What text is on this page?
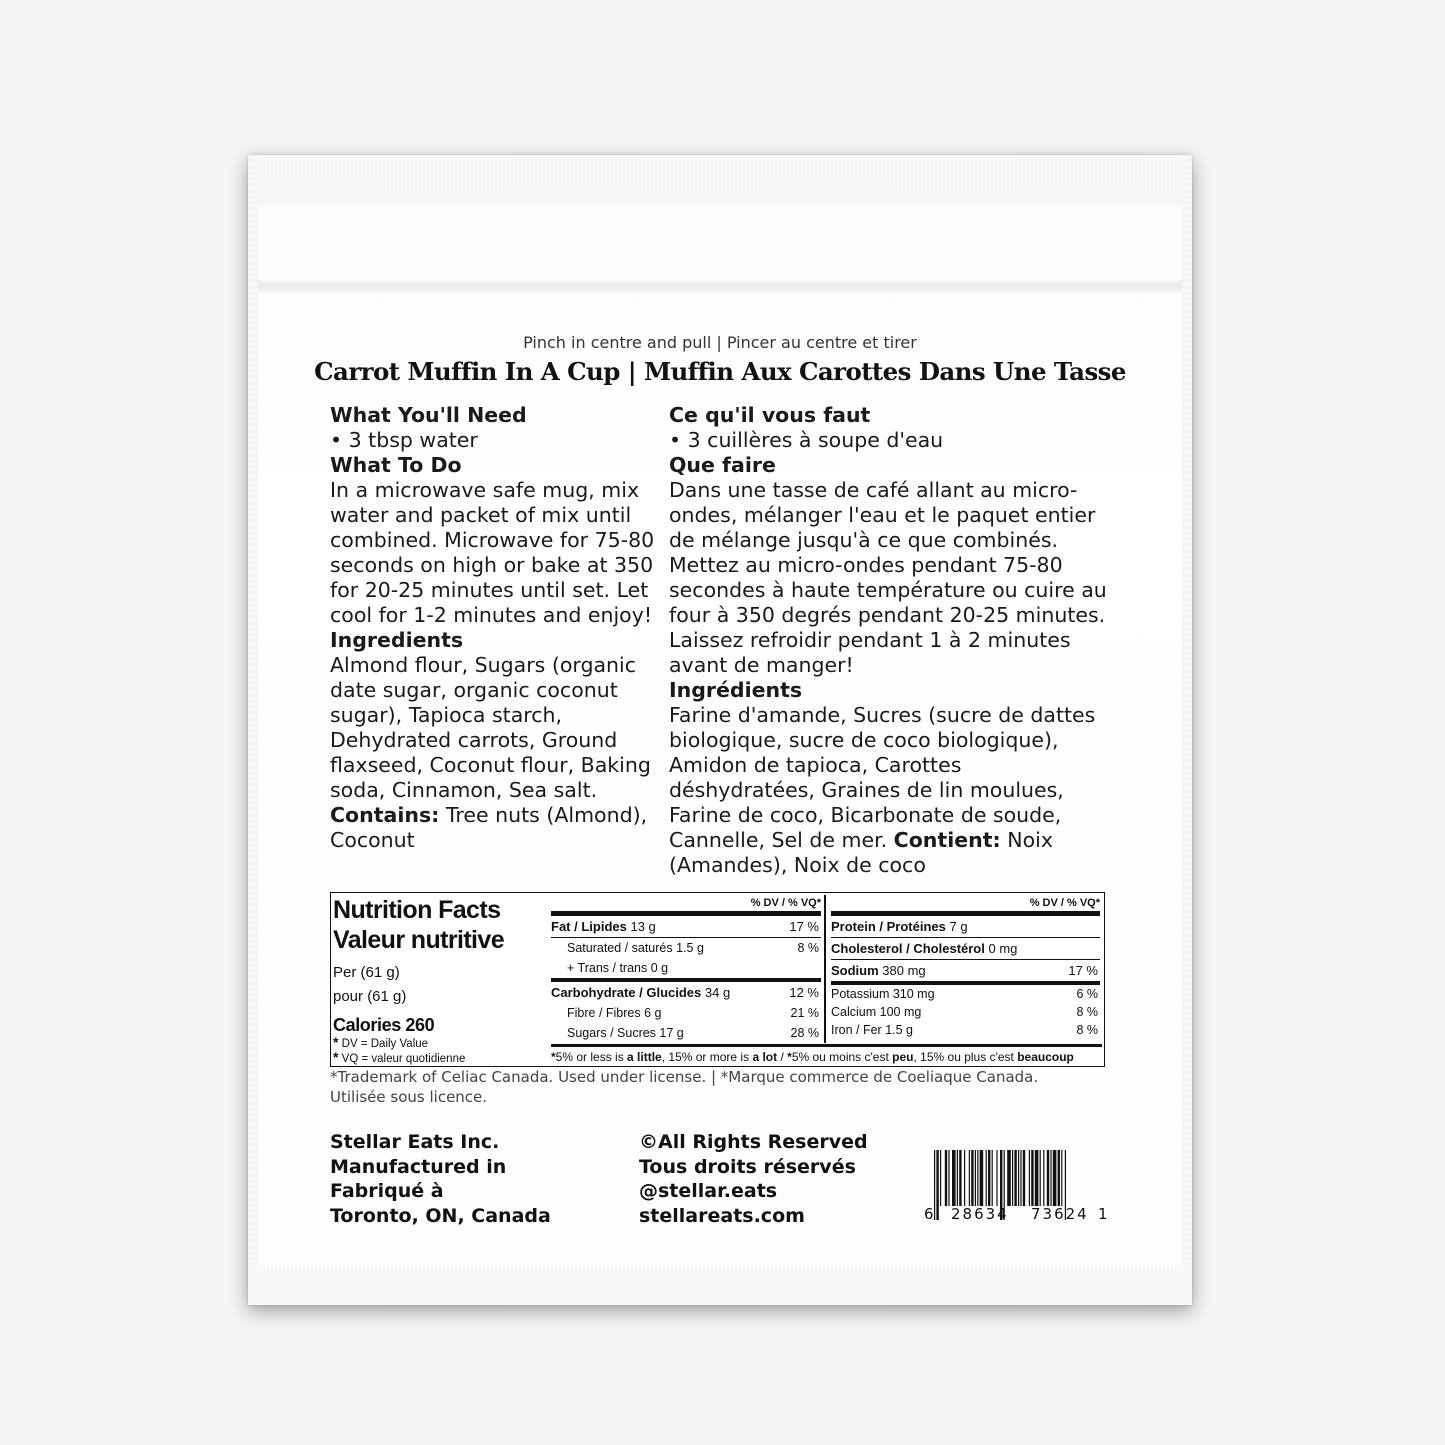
Pinch in centre and pull | Pincer au centre et tirer
Carrot Muffin In A Cup | Muffin Aux Carottes Dans Une Tasse
What You'll Need

• 3 tbsp water

What To Do

In a microwave safe mug, mix water and packet of mix until combined. Microwave for 75-80 seconds on high or bake at 350 for 20-25 minutes until set. Let cool for 1-2 minutes and enjoy!

Ingredients

Almond flour, Sugars (organic date sugar, organic coconut sugar), Tapioca starch, Dehydrated carrots, Ground flaxseed, Coconut flour, Baking soda, Cinnamon, Sea salt. Contains: Tree nuts (Almond), Coconut

Ce qu'il vous faut

• 3 cuillères à soupe d'eau

Que faire

Dans une tasse de café allant au micro-ondes, mélanger l'eau et le paquet entier de mélange jusqu'à ce que combinés. Mettez au micro-ondes pendant 75-80 secondes à haute température ou cuire au four à 350 degrés pendant 20-25 minutes. Laissez refroidir pendant 1 à 2 minutes avant de manger!

Ingrédients

Farine d'amande, Sucres (sucre de dattes biologique, sucre de coco biologique), Amidon de tapioca, Carottes déshydratées, Graines de lin moulues, Farine de coco, Bicarbonate de soude, Cannelle, Sel de mer. Contient: Noix (Amandes), Noix de coco

Nutrition Facts
Valeur nutritive
Per (61 g)
pour (61 g)
Calories 260
* DV = Daily Value
* VQ = valeur quotidienne
% DV / % VQ*
Fat / Lipides 13 g	17 %
Saturated / saturés 1.5 g	8 %
+ Trans / trans 0 g
Carbohydrate / Glucides 34 g	12 %
Fibre / Fibres 6 g	21 %
Sugars / Sucres 17 g	28 %
% DV / % VQ*
Protein / Protéines 7 g
Cholesterol / Cholestérol 0 mg
Sodium 380 mg	17 %
Potassium 310 mg	6 %
Calcium 100 mg	8 %
Iron / Fer 1.5 g	8 %
*5% or less is a little, 15% or more is a lot / *5% ou moins c'est peu, 15% ou plus c'est beaucoup
*Trademark of Celiac Canada. Used under license. | *Marque commerce de Coeliaque Canada. Utilisée sous licence.
Stellar Eats Inc.
Manufactured in
Fabriqué à
Toronto, ON, Canada
©All Rights Reserved
Tous droits réservés
@stellar.eats
stellareats.com	6 28634 73624 1
